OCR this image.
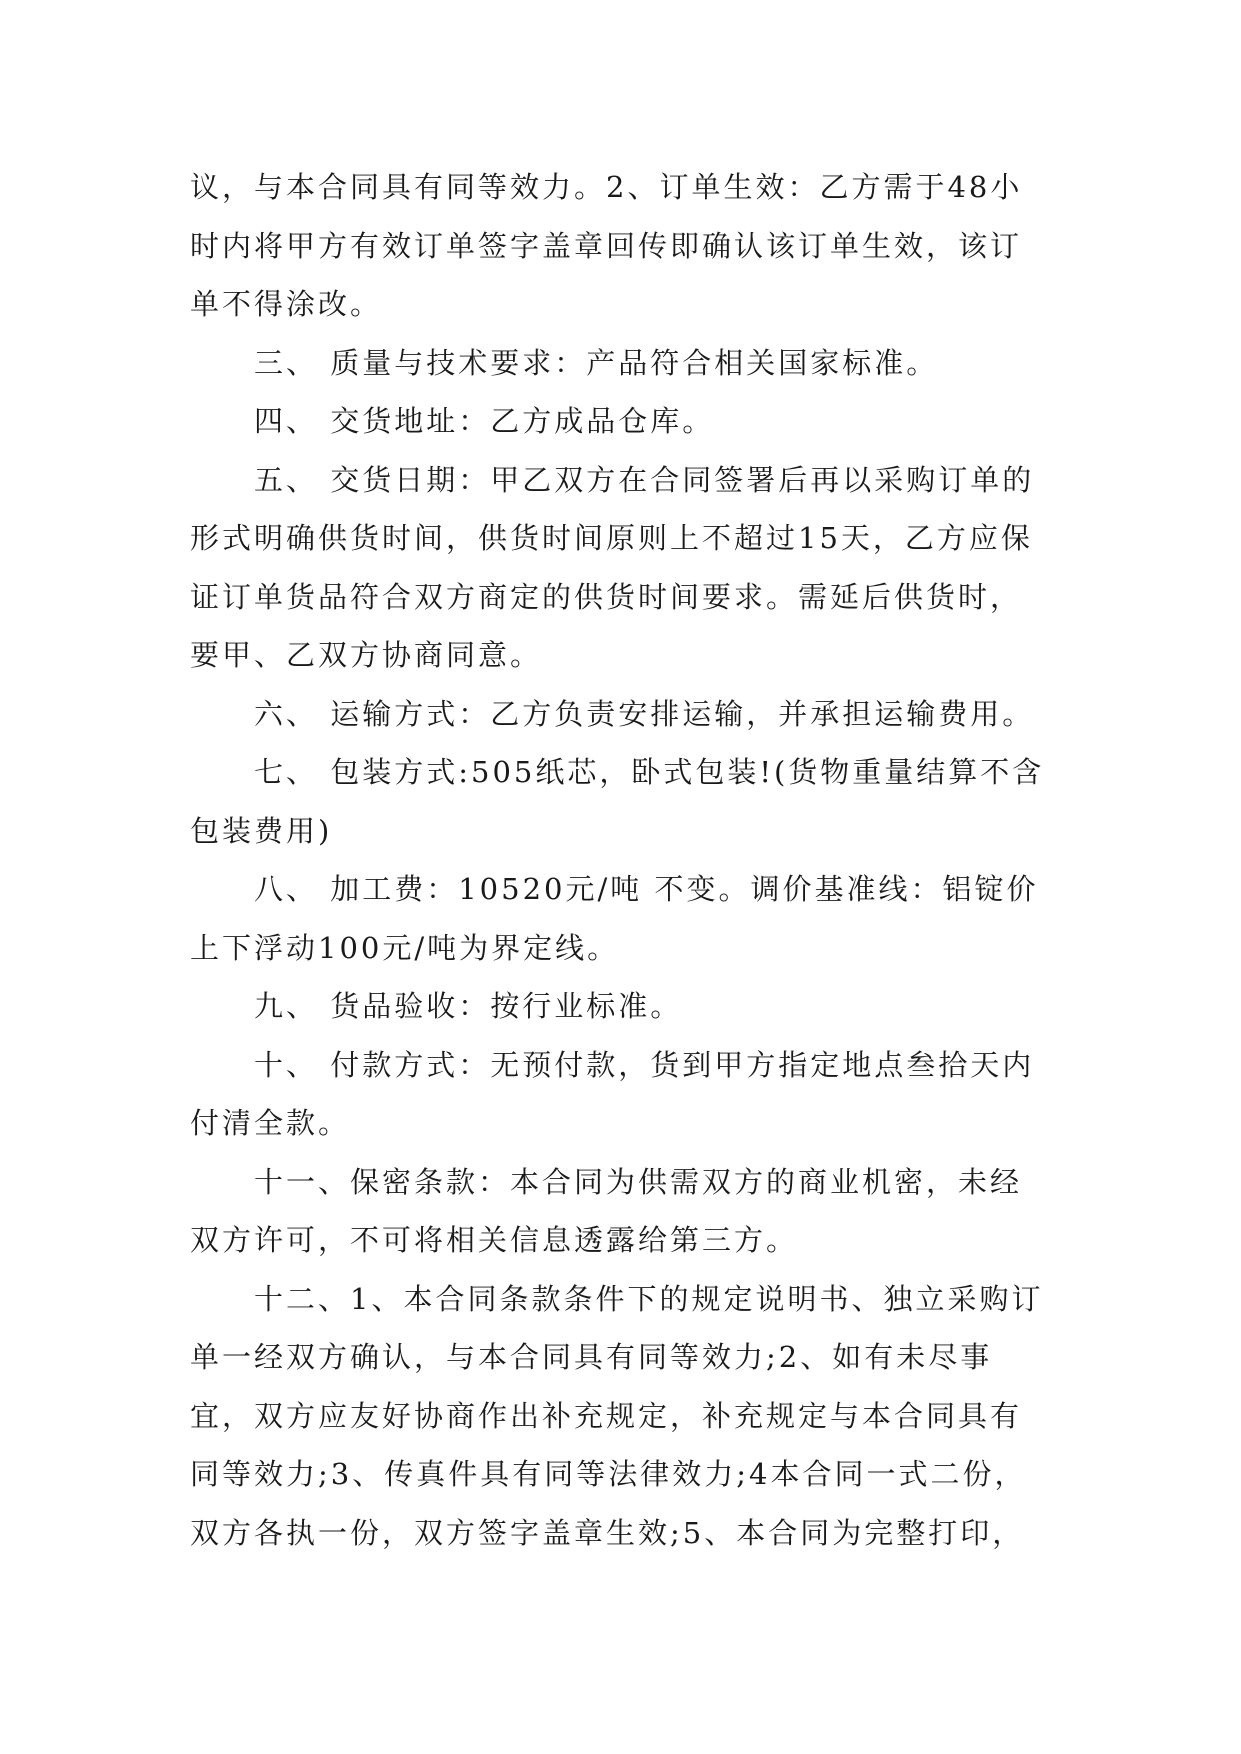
议，与本合同具有同等效力。2、订单生效：乙方需于48小时内将甲方有效订单签字盖章回传即确认该订单生效，该订单不得涂改。

三、 质量与技术要求：产品符合相关国家标准。

四、 交货地址：乙方成品仓库。

五、 交货日期：甲乙双方在合同签署后再以采购订单的形式明确供货时间，供货时间原则上不超过15天，乙方应保证订单货品符合双方商定的供货时间要求。需延后供货时，要甲、乙双方协商同意。

六、 运输方式：乙方负责安排运输，并承担运输费用。

七、 包装方式:505纸芯，卧式包装!(货物重量结算不含包装费用)

八、 加工费：10520元/吨 不变。调价基准线：铝锭价上下浮动100元/吨为界定线。

九、 货品验收：按行业标准。

十、 付款方式：无预付款，货到甲方指定地点叁拾天内付清全款。

十一、保密条款：本合同为供需双方的商业机密，未经双方许可，不可将相关信息透露给第三方。

十二、1、本合同条款条件下的规定说明书、独立采购订单一经双方确认，与本合同具有同等效力;2、如有未尽事宜，双方应友好协商作出补充规定，补充规定与本合同具有同等效力;3、传真件具有同等法律效力;4本合同一式二份，双方各执一份，双方签字盖章生效;5、本合同为完整打印，
